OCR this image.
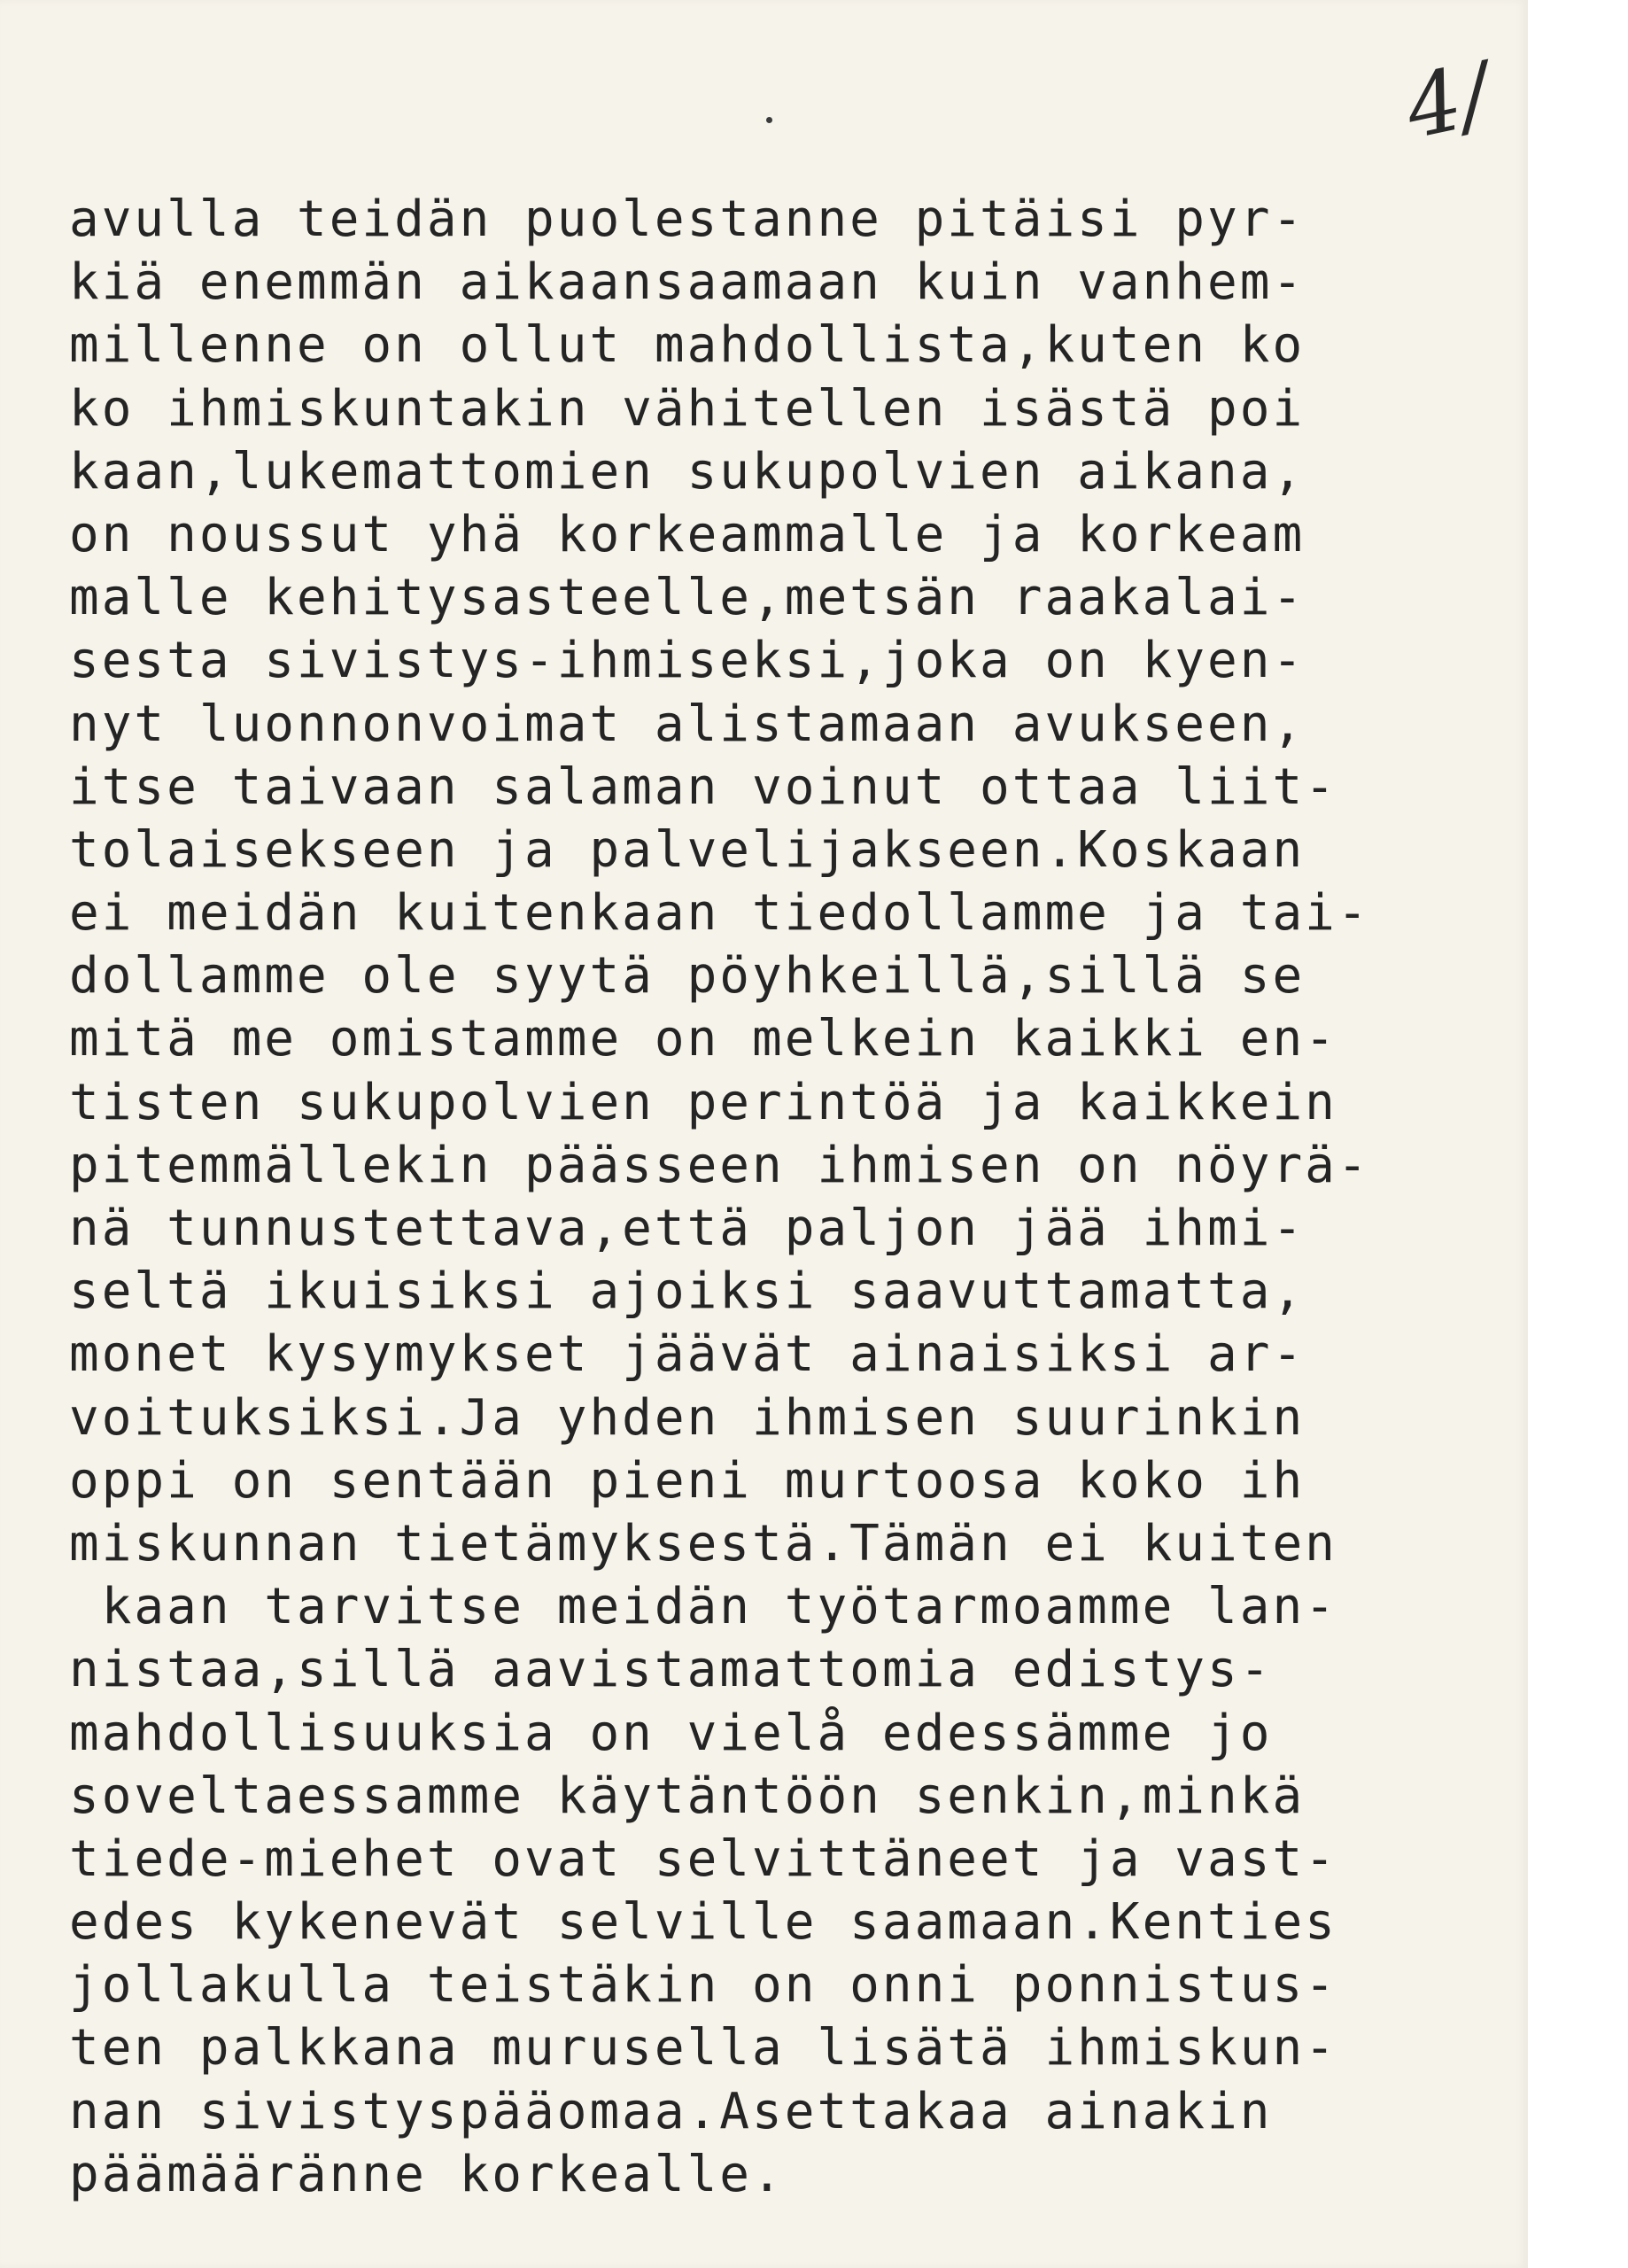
4/
avulla teidän puolestanne pitäisi pyr-
kiä enemmän aikaansaamaan kuin vanhem-
millenne on ollut mahdollista,kuten ko
ko ihmiskuntakin vähitellen isästä poi
kaan,lukemattomien sukupolvien aikana,
on noussut yhä korkeammalle ja korkeam
malle kehitysasteelle,metsän raakalai-
sesta sivistys-ihmiseksi,joka on kyen-
nyt luonnonvoimat alistamaan avukseen,
itse taivaan salaman voinut ottaa liit-
tolaisekseen ja palvelijakseen.Koskaan
ei meidän kuitenkaan tiedollamme ja tai-
dollamme ole syytä pöyhkeillä,sillä se
mitä me omistamme on melkein kaikki en-
tisten sukupolvien perintöä ja kaikkein
pitemmällekin päässeen ihmisen on nöyrä-
nä tunnustettava,että paljon jää ihmi-
seltä ikuisiksi ajoiksi saavuttamatta,
monet kysymykset jäävät ainaisiksi ar-
voituksiksi.Ja yhden ihmisen suurinkin
oppi on sentään pieni murtoosa koko ih
miskunnan tietämyksestä.Tämän ei kuiten
kaan tarvitse meidän työtarmoamme lan-
nistaa,sillä aavistamattomia edistys-
mahdollisuuksia on vielå edessämme jo
soveltaessamme käytäntöön senkin,minkä
tiede-miehet ovat selvittäneet ja vast-
edes kykenevät selville saamaan.Kenties
jollakulla teistäkin on onni ponnistus-
ten palkkana murusella lisätä ihmiskun-
nan sivistyspääomaa.Asettakaa ainakin
päämääränne korkealle.
